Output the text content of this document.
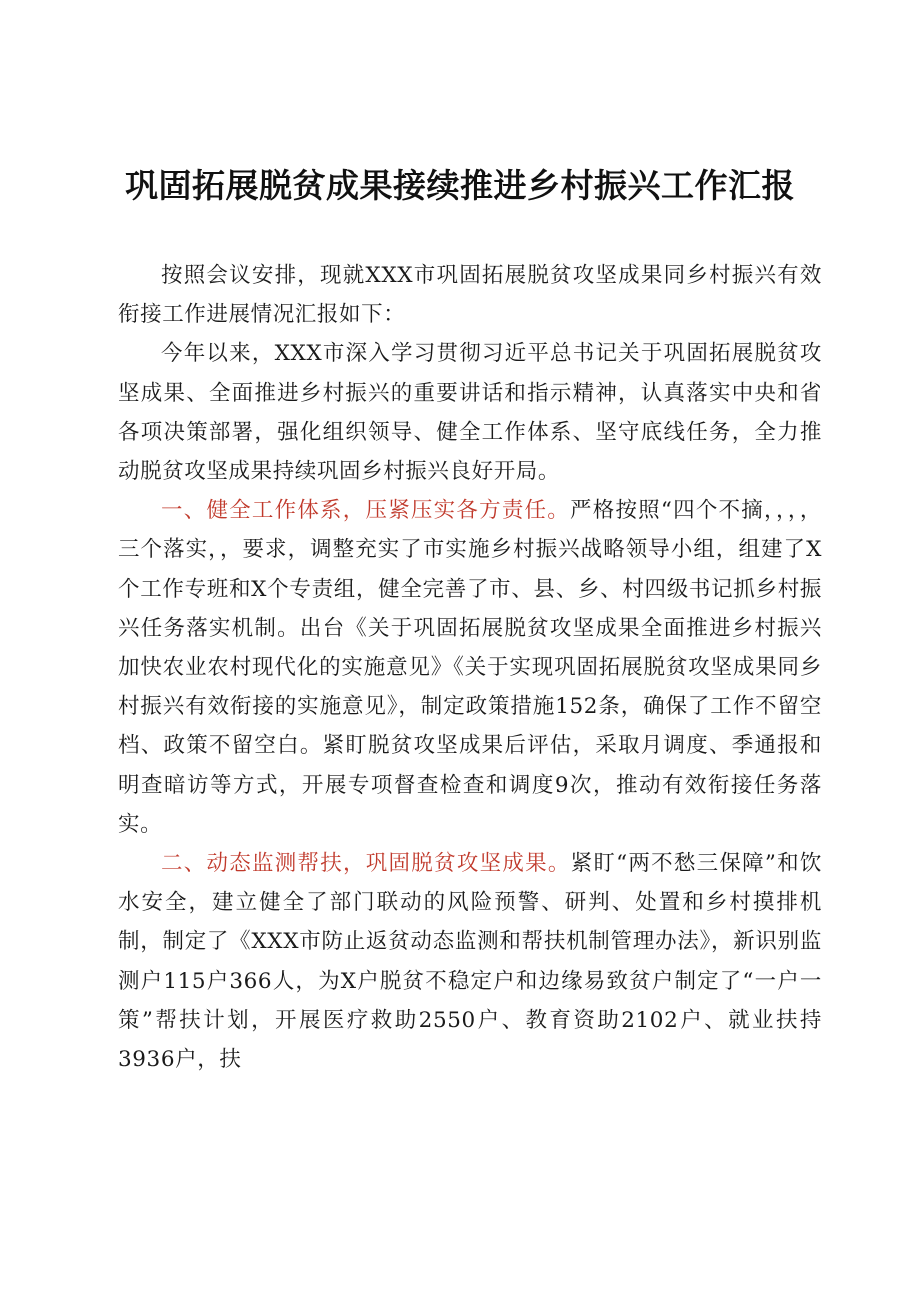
巩固拓展脱贫成果接续推进乡村振兴工作汇报

按照会议安排，现就XXX市巩固拓展脱贫攻坚成果同乡村振兴有效衔接工作进展情况汇报如下：

今年以来，XXX市深入学习贯彻习近平总书记关于巩固拓展脱贫攻坚成果、全面推进乡村振兴的重要讲话和指示精神，认真落实中央和省各项决策部署，强化组织领导、健全工作体系、坚守底线任务，全力推动脱贫攻坚成果持续巩固乡村振兴良好开局。

一、健全工作体系，压紧压实各方责任。严格按照“四个不摘，，，，三个落实，，要求，调整充实了市实施乡村振兴战略领导小组，组建了X个工作专班和X个专责组，健全完善了市、县、乡、村四级书记抓乡村振兴任务落实机制。出台《关于巩固拓展脱贫攻坚成果全面推进乡村振兴加快农业农村现代化的实施意见》《关于实现巩固拓展脱贫攻坚成果同乡村振兴有效衔接的实施意见》，制定政策措施152条，确保了工作不留空档、政策不留空白。紧盯脱贫攻坚成果后评估，采取月调度、季通报和明查暗访等方式，开展专项督查检查和调度9次，推动有效衔接任务落实。

二、动态监测帮扶，巩固脱贫攻坚成果。紧盯“两不愁三保障”和饮水安全，建立健全了部门联动的风险预警、研判、处置和乡村摸排机制，制定了《XXX市防止返贫动态监测和帮扶机制管理办法》，新识别监测户115户366人，为X户脱贫不稳定户和边缘易致贫户制定了“一户一策”帮扶计划，开展医疗救助2550户、教育资助2102户、就业扶持3936户，扶
